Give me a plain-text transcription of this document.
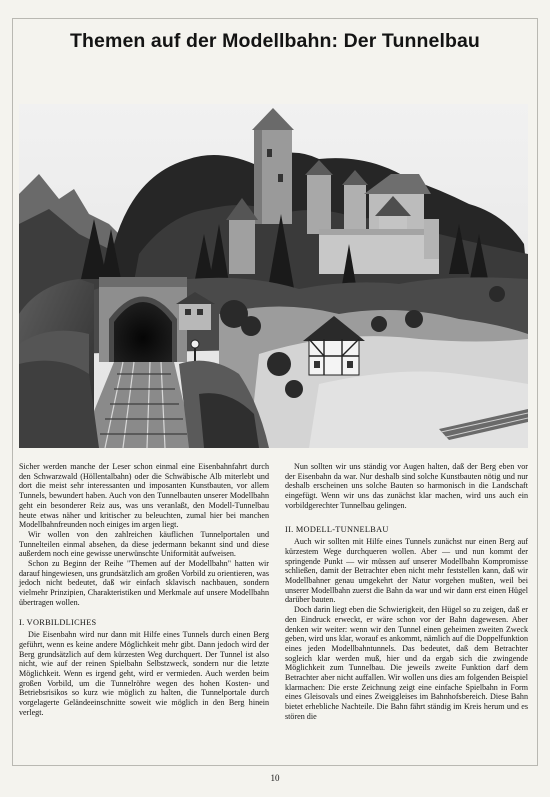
Themen auf der Modellbahn: Der Tunnelbau

Sicher werden manche der Leser schon einmal eine Eisenbahnfahrt durch den Schwarzwald (Höllentalbahn) oder die Schwäbische Alb miterlebt und dort die meist sehr interessanten und imposanten Kunstbauten, vor allem Tunnels, bewundert haben. Auch von den Tunnelbauten unserer Modellbahn geht ein besonderer Reiz aus, was uns veranlaßt, den Modell-Tunnelbau heute etwas näher und kritischer zu beleuchten, zumal hier bei manchen Modellbahnfreunden noch einiges im argen liegt.

Wir wollen von den zahlreichen käuflichen Tunnelportalen und Tunnelteilen einmal absehen, da diese jedermann bekannt sind und diese außerdem noch eine gewisse unerwünschte Uniformität aufweisen.

Schon zu Beginn der Reihe "Themen auf der Modellbahn" hatten wir darauf hingewiesen, uns grundsätzlich am großen Vorbild zu orientieren, was jedoch nicht bedeutet, daß wir einfach sklavisch nachbauen, sondern vielmehr Prinzipien, Charakteristiken und Merkmale auf unsere Modellbahn übertragen wollen.

I. VORBILDLICHES

Die Eisenbahn wird nur dann mit Hilfe eines Tunnels durch einen Berg geführt, wenn es keine andere Möglichkeit mehr gibt. Dann jedoch wird der Berg grundsätzlich auf dem kürzesten Weg durchquert. Der Tunnel ist also nicht, wie auf der reinen Spielbahn Selbstzweck, sondern nur die letzte Möglichkeit. Wenn es irgend geht, wird er vermieden. Auch werden beim großen Vorbild, um die Tunnelröhre wegen des hohen Kosten- und Betriebsrisikos so kurz wie möglich zu halten, die Tunnelportale durch vorgelagerte Geländeeinschnitte soweit wie möglich in den Berg hinein verlegt.

Nun sollten wir uns ständig vor Augen halten, daß der Berg eben vor der Eisenbahn da war. Nur deshalb sind solche Kunstbauten nötig und nur deshalb erscheinen uns solche Bauten so harmonisch in die Landschaft eingefügt. Wenn wir uns das zunächst klar machen, wird uns auch ein vorbildgerechter Tunnelbau gelingen.

II. MODELL-TUNNELBAU

Auch wir sollten mit Hilfe eines Tunnels zunächst nur einen Berg auf kürzestem Wege durchqueren wollen. Aber — und nun kommt der springende Punkt — wir müssen auf unserer Modellbahn Kompromisse schließen, damit der Betrachter eben nicht mehr feststellen kann, daß wir Modellbahner genau umgekehrt der Natur vorgehen mußten, weil bei unserer Modellbahn zuerst die Bahn da war und wir dann erst einen Hügel darüber bauten.

Doch darin liegt eben die Schwierigkeit, den Hügel so zu zeigen, daß er den Eindruck erweckt, er wäre schon vor der Bahn dagewesen. Aber denken wir weiter: wenn wir den Tunnel einen geheimen zweiten Zweck geben, wird uns klar, worauf es ankommt, nämlich auf die Doppelfunktion eines jeden Modellbahntunnels. Das bedeutet, daß dem Betrachter sogleich klar werden muß, hier und da ergab sich die zwingende Möglichkeit zum Tunnelbau. Die jeweils zweite Funktion darf dem Betrachter aber nicht auffallen. Wir wollen uns dies am folgenden Beispiel klarmachen: Die erste Zeichnung zeigt eine einfache Spielbahn in Form eines Gleisovals und eines Zweiggleises im Bahnhofsbereich. Diese Bahn bietet erhebliche Nachteile. Die Bahn fährt ständig im Kreis herum und es stören die

10
